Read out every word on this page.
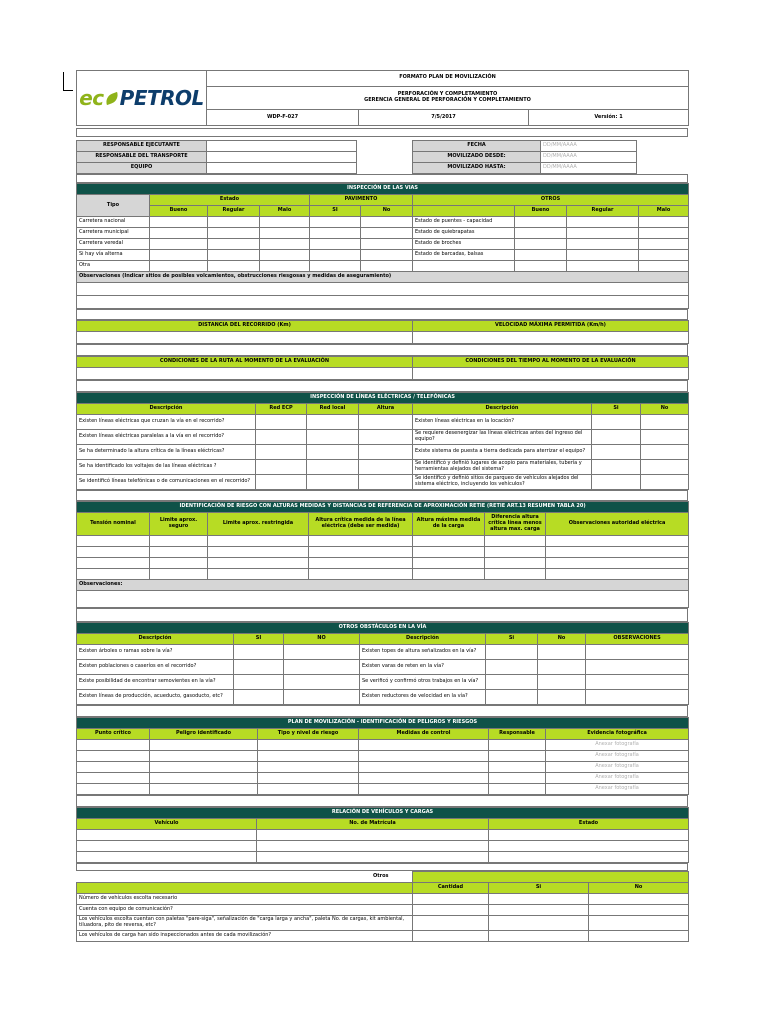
ec PETROL	FORMATO PLAN DE MOVILIZACIÓN		

	PERFORACIÓN Y COMPLETAMIENTO
GERENCIA GENERAL DE PERFORACIÓN Y COMPLETAMIENTO		

	WDP-F-027	7/5/2017	Versión: 1
RESPONSABLE EJECUTANTE			FECHA	DD/MM/AAAA	
RESPONSABLE DEL TRANSPORTE			MOVILIZADO DESDE:	DD/MM/AAAA	
EQUIPO			MOVILIZADO HASTA:	DD/MM/AAAA	
INSPECCIÓN DE LAS VIAS										
Tipo	Estado			PAVIMENTO		OTROS				
	Bueno	Regular	Malo	SI	No		Bueno	Regular	Malo	
Carretera nacional						Estado de puentes - capacidad				
Carretera municipal						Estado de quiebrapatas				
Carretera veredal						Estado de broches				
Si hay vía alterna						Estado de barcadas, balsas				
Otra										
Observaciones (Indicar sitios de posibles volcamientos, obstrucciones riesgosas y medidas de aseguramiento)										

DISTANCIA DEL RECORRIDO (Km)	VELOCIDAD MÁXIMA PERMITIDA (Km/h)

CONDICIONES DE LA RUTA AL MOMENTO DE LA EVALUACIÓN	CONDICIONES DEL TIEMPO AL MOMENTO DE LA EVALUACIÓN

INSPECCIÓN DE LÍNEAS ELÉCTRICAS / TELEFÓNICAS						
Descripción	Red ECP	Red local	Altura	Descripción	Si	No
Existen líneas eléctricas que cruzan la vía en el recorrido?				Existen líneas eléctricas en la locación?		
Existen líneas eléctricas paralelas a la vía en el recorrido?				Se requiere desenergizar las líneas eléctricas antes del ingreso del equipo?		
Se ha determinado la altura crítica de la líneas eléctricas?				Existe sistema de puesta a tierra dedicada para aterrizar el equipo?		
Se ha identificado los voltajes de las líneas eléctricas ?				Se identificó y definió lugares de acopio para materiales, tubería y herramientas alejados del sistema?		
Se identificó líneas telefónicas o de comunicaciones en el recorrido?				Se identificó y definió sitios de parqueo de vehículos alejados del sistema eléctrico, incluyendo los vehículos?		
IDENTIFICACIÓN DE RIESGO CON ALTURAS MEDIDAS Y DISTANCIAS DE REFERENCIA DE APROXIMACIÓN RETIE (RETIE ART.13 RESUMEN TABLA 20)						
Tensión nominal	Limite aprox. seguro	Limite aprox. restringida	Altura crítica medida de la línea eléctrica (debe ser medida)	Altura máxima medida de la carga	Diferencia altura crítica línea menos altura max. carga	Observaciones autoridad eléctrica

Observaciones:						

OTROS OBSTÁCULOS EN LA VÍA						
Descripción	SI	NO	Descripción	Si	No	OBSERVACIONES
Existen árboles o ramas sobre la vía?			Existen topes de altura señalizados en la vía?			
Existen poblaciones o caseríos en el recorrido?			Existen varas de reten en la vía?			
Existe posibilidad de encontrar semovientes en la vía?			Se verificó y confirmó otros trabajos en la vía?			
Existen líneas de producción, acueducto, gasoducto, etc?			Existen reductores de velocidad en la vía?			
PLAN DE MOVILIZACIÓN - IDENTIFICACIÓN DE PELIGROS Y RIESGOS					
Punto crítico	Peligro identificado	Tipo y nivel de riesgo	Medidas de control	Responsable	Evidencia fotográfica
					Anexar fotografía
					Anexar fotografía
					Anexar fotografía
					Anexar fotografía
					Anexar fotografía
RELACIÓN DE VEHÍCULOS Y CARGAS		
Vehículo	No. de Matrícula	Estado

	Otros		
	Cantidad	Si	No
Número de vehículos escolta necesario			
Cuenta con equipo de comunicación?			
Los vehículos escolta cuentan con paletas "pare-siga", señalización de "carga larga y ancha", paleta No. de cargas, kit ambiental, tiluadora, pito de reversa, etc?			
Los vehículos de carga han sido inspeccionados antes de cada movilización?			
